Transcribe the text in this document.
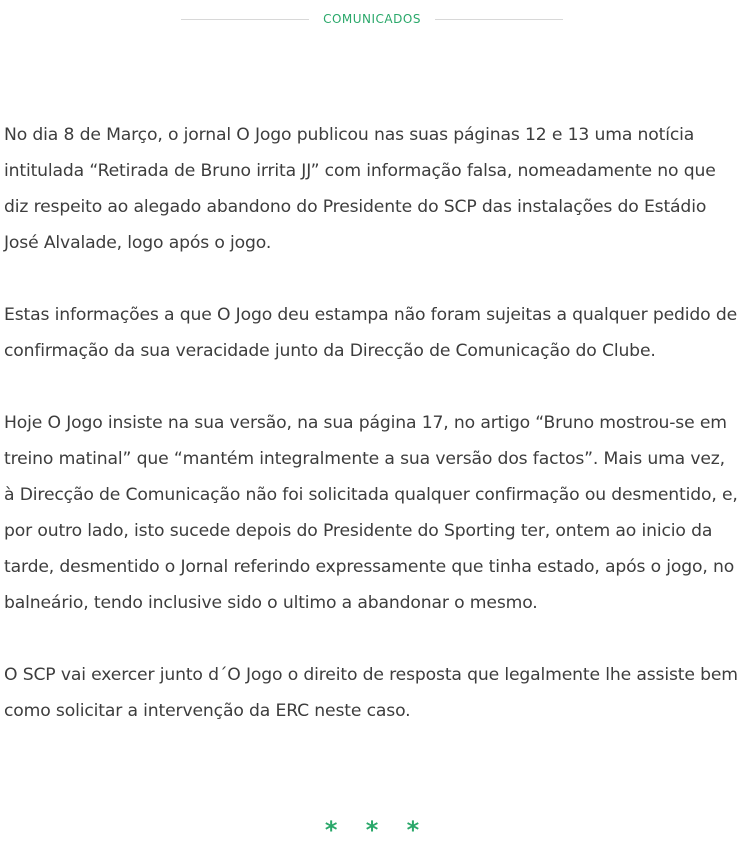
COMUNICADOS

No dia 8 de Março, o jornal O Jogo publicou nas suas páginas 12 e 13 uma notícia intitulada “Retirada de Bruno irrita JJ” com informação falsa, nomeadamente no que diz respeito ao alegado abandono do Presidente do SCP das instalações do Estádio José Alvalade, logo após o jogo.

Estas informações a que O Jogo deu estampa não foram sujeitas a qualquer pedido de confirmação da sua veracidade junto da Direcção de Comunicação do Clube.

Hoje O Jogo insiste na sua versão, na sua página 17, no artigo “Bruno mostrou-se em treino matinal” que “mantém integralmente a sua versão dos factos”. Mais uma vez, à Direcção de Comunicação não foi solicitada qualquer confirmação ou desmentido, e, por outro lado, isto sucede depois do Presidente do Sporting ter, ontem ao inicio da tarde, desmentido o Jornal referindo expressamente que tinha estado, após o jogo, no balneário, tendo inclusive sido o ultimo a abandonar o mesmo.

O SCP vai exercer junto d´O Jogo o direito de resposta que legalmente lhe assiste bem como solicitar a intervenção da ERC neste caso.

* * *
